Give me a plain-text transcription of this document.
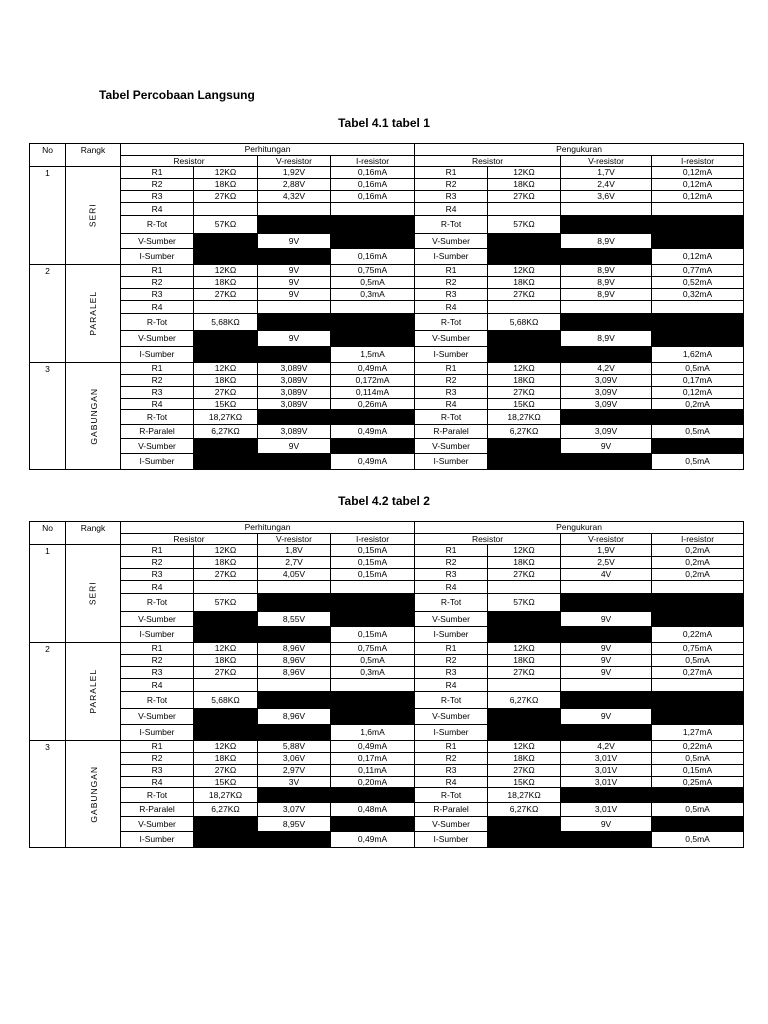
Tabel Percobaan Langsung
Tabel 4.1 tabel 1
No	Rangk	Perhitungan				Pengukuran			
		Resistor		V-resistor	I-resistor	Resistor		V-resistor	I-resistor
1	SERI	R1	12KΩ	1,92V	0,16mA	R1	12KΩ	1,7V	0,12mA
		R2	18KΩ	2,88V	0,16mA	R2	18KΩ	2,4V	0,12mA
		R3	27KΩ	4,32V	0,16mA	R3	27KΩ	3,6V	0,12mA
		R4				R4			
		R-Tot	57KΩ			R-Tot	57KΩ		
		V-Sumber		9V		V-Sumber		8,9V	
		I-Sumber			0,16mA	I-Sumber			0,12mA
2	PARALEL	R1	12KΩ	9V	0,75mA	R1	12KΩ	8,9V	0,77mA
		R2	18KΩ	9V	0,5mA	R2	18KΩ	8,9V	0,52mA
		R3	27KΩ	9V	0,3mA	R3	27KΩ	8,9V	0,32mA
		R4				R4			
		R-Tot	5,68KΩ			R-Tot	5,68KΩ		
		V-Sumber		9V		V-Sumber		8,9V	
		I-Sumber			1,5mA	I-Sumber			1,62mA
3	GABUNGAN	R1	12KΩ	3,089V	0,49mA	R1	12KΩ	4,2V	0,5mA
		R2	18KΩ	3,089V	0,172mA	R2	18KΩ	3,09V	0,17mA
		R3	27KΩ	3,089V	0,114mA	R3	27KΩ	3,09V	0,12mA
		R4	15KΩ	3,089V	0,26mA	R4	15KΩ	3,09V	0,2mA
		R-Tot	18,27KΩ			R-Tot	18,27KΩ		
		R-Paralel	6,27KΩ	3,089V	0,49mA	R-Paralel	6,27KΩ	3,09V	0,5mA
		V-Sumber		9V		V-Sumber		9V	
		I-Sumber			0,49mA	I-Sumber			0,5mA
Tabel 4.2 tabel 2
No	Rangk	Perhitungan				Pengukuran			
		Resistor		V-resistor	I-resistor	Resistor		V-resistor	I-resistor
1	SERI	R1	12KΩ	1,8V	0,15mA	R1	12KΩ	1,9V	0,2mA
		R2	18KΩ	2,7V	0,15mA	R2	18KΩ	2,5V	0,2mA
		R3	27KΩ	4,05V	0,15mA	R3	27KΩ	4V	0,2mA
		R4				R4			
		R-Tot	57KΩ			R-Tot	57KΩ		
		V-Sumber		8,55V		V-Sumber		9V	
		I-Sumber			0,15mA	I-Sumber			0,22mA
2	PARALEL	R1	12KΩ	8,96V	0,75mA	R1	12KΩ	9V	0,75mA
		R2	18KΩ	8,96V	0,5mA	R2	18KΩ	9V	0,5mA
		R3	27KΩ	8,96V	0,3mA	R3	27KΩ	9V	0,27mA
		R4				R4			
		R-Tot	5,68KΩ			R-Tot	6,27KΩ		
		V-Sumber		8,96V		V-Sumber		9V	
		I-Sumber			1,6mA	I-Sumber			1,27mA
3	GABUNGAN	R1	12KΩ	5,88V	0,49mA	R1	12KΩ	4,2V	0,22mA
		R2	18KΩ	3,06V	0,17mA	R2	18KΩ	3,01V	0,5mA
		R3	27KΩ	2,97V	0,11mA	R3	27KΩ	3,01V	0,15mA
		R4	15KΩ	3V	0,20mA	R4	15KΩ	3,01V	0,25mA
		R-Tot	18,27KΩ			R-Tot	18,27KΩ		
		R-Paralel	6,27KΩ	3,07V	0,48mA	R-Paralel	6,27KΩ	3,01V	0,5mA
		V-Sumber		8,95V		V-Sumber		9V	
		I-Sumber			0,49mA	I-Sumber			0,5mA
